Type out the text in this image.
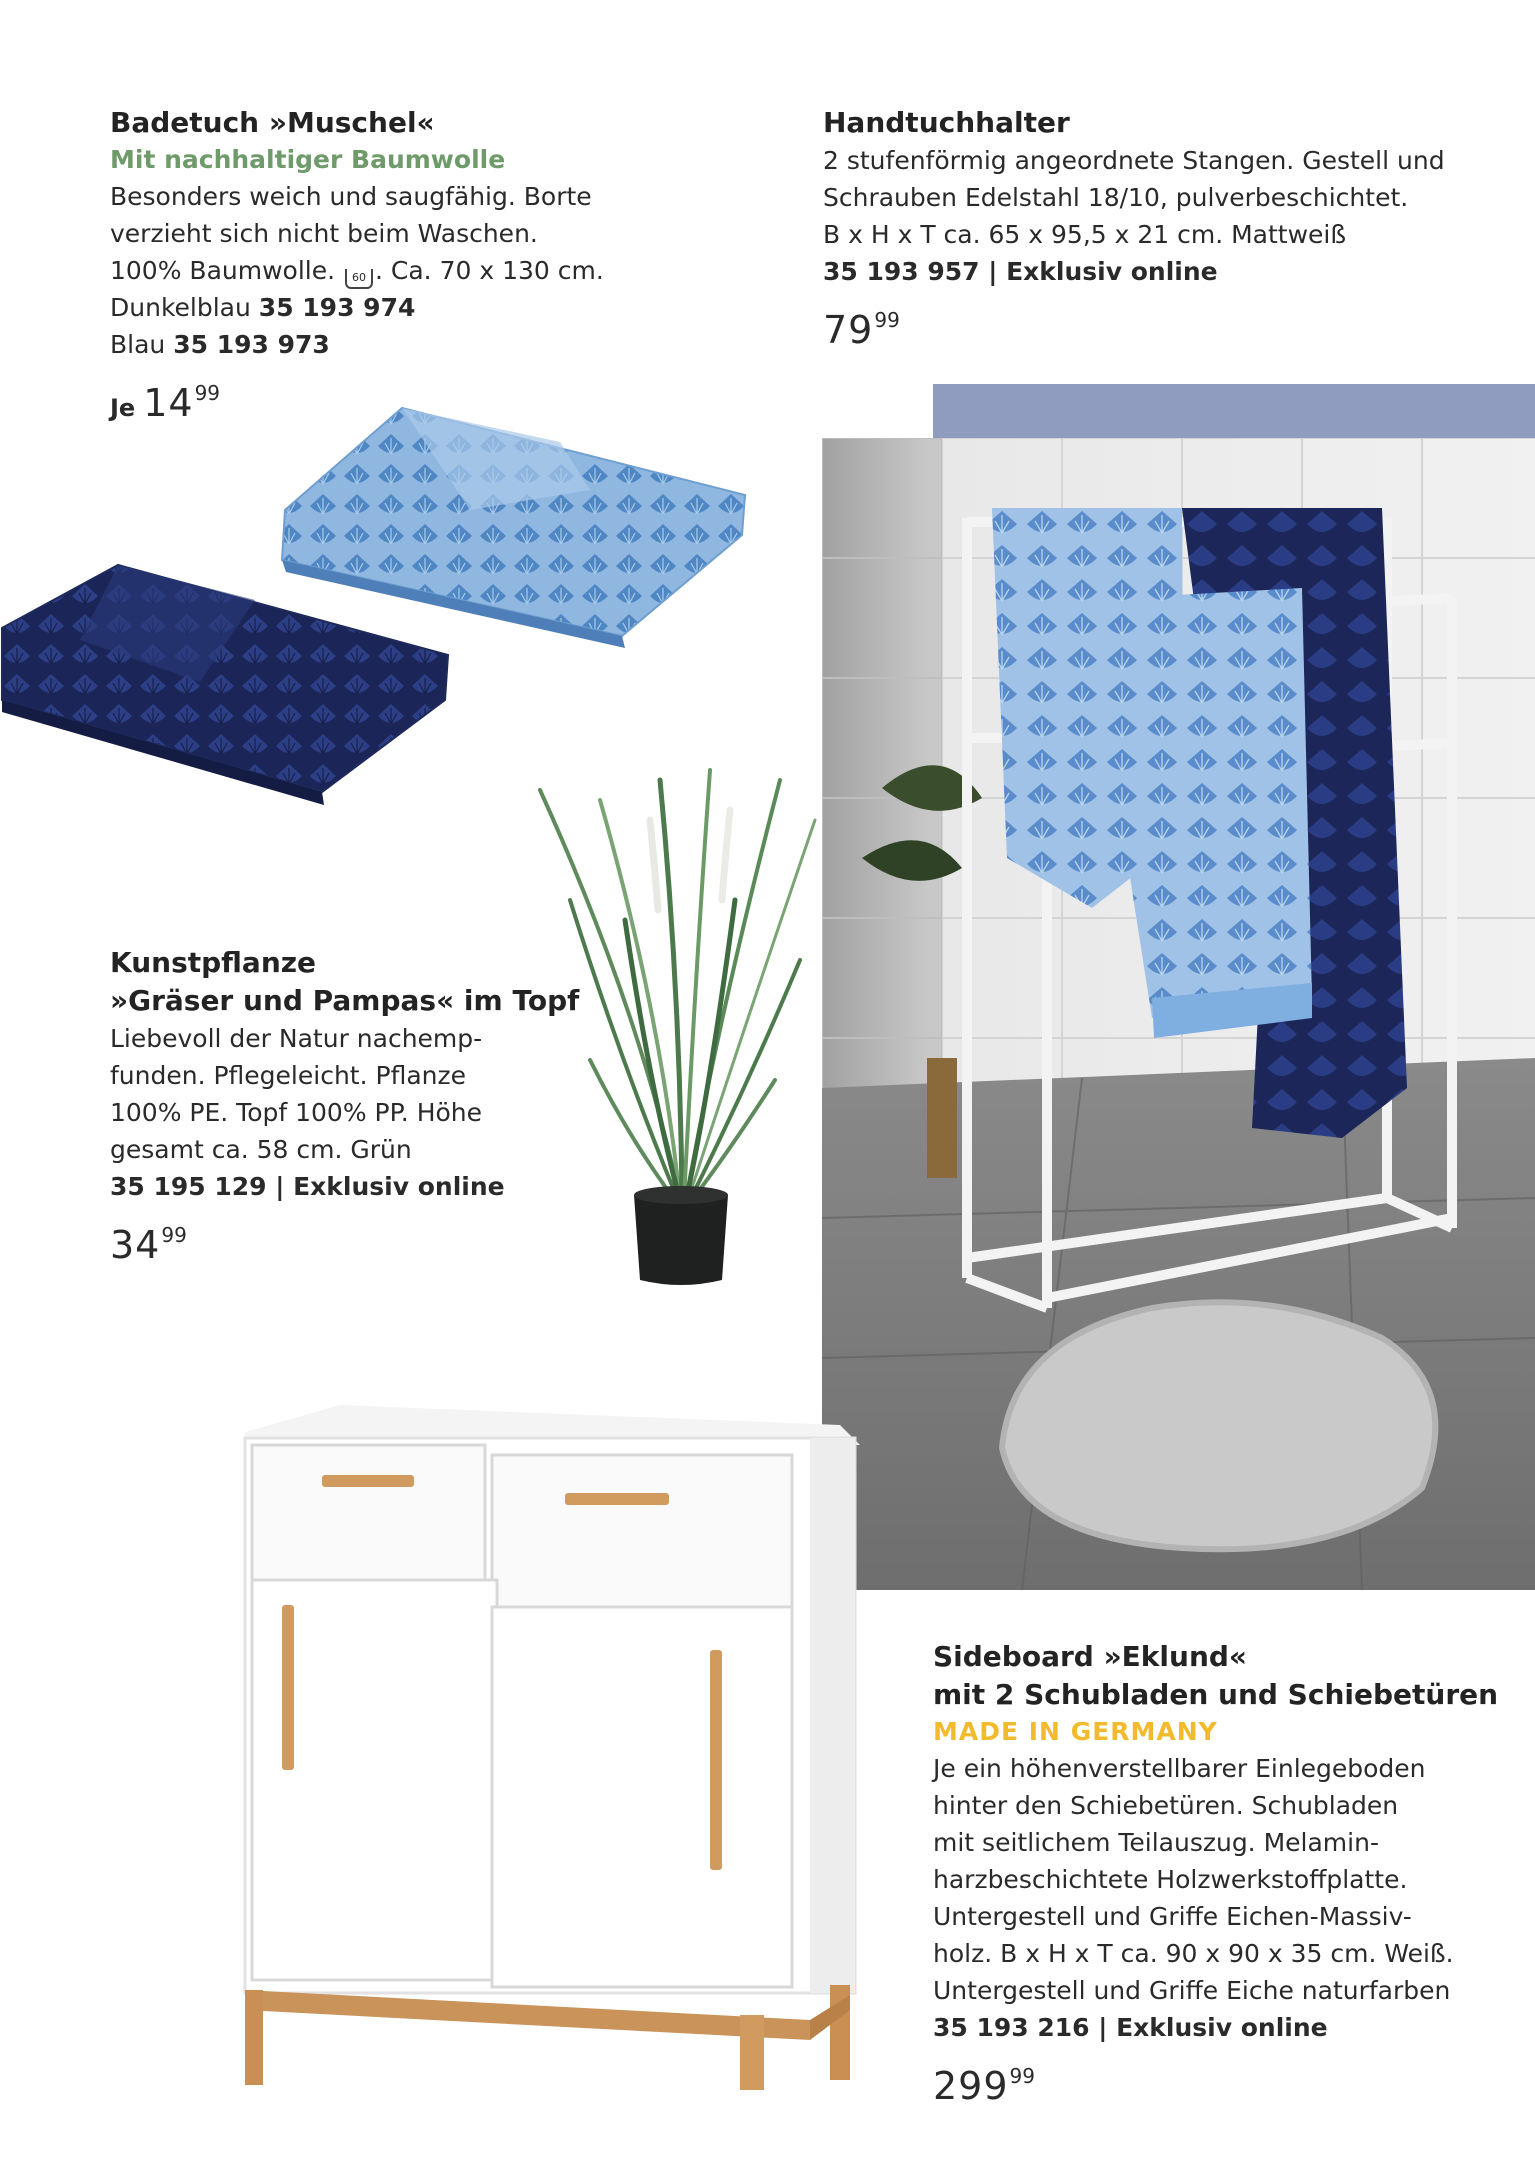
Badetuch »Muschel«
Mit nachhaltiger Baumwolle
Besonders weich und saugfähig. Borte
verzieht sich nicht beim Waschen.
100% Baumwolle. 60 . Ca. 70 x 130 cm.
Dunkelblau 35 193 974
Blau 35 193 973
Je $14^{99}$
Handtuchhalter
2 stufenförmig angeordnete Stangen. Gestell und
Schrauben Edelstahl 18/10, pulverbeschichtet.
B x H x T ca. 65 x 95,5 x 21 cm. Mattweiß
35 193 957 | Exklusiv online
$79^{99}$
Kunstpflanze
»Gräser und Pampas« im Topf
Liebevoll der Natur nachemp-
funden. Pflegeleicht. Pflanze
100% PE. Topf 100% PP. Höhe
gesamt ca. 58 cm. Grün
35 195 129 | Exklusiv online
$34^{99}$
Sideboard »Eklund«
mit 2 Schubladen und Schiebetüren
MADE IN GERMANY
Je ein höhenverstellbarer Einlegeboden
hinter den Schiebetüren. Schubladen
mit seitlichem Teilauszug. Melamin-
harzbeschichtete Holzwerkstoffplatte.
Untergestell und Griffe Eichen-Massiv-
holz. B x H x T ca. 90 x 90 x 35 cm. Weiß.
Untergestell und Griffe Eiche naturfarben
35 193 216 | Exklusiv online
$299^{99}$
